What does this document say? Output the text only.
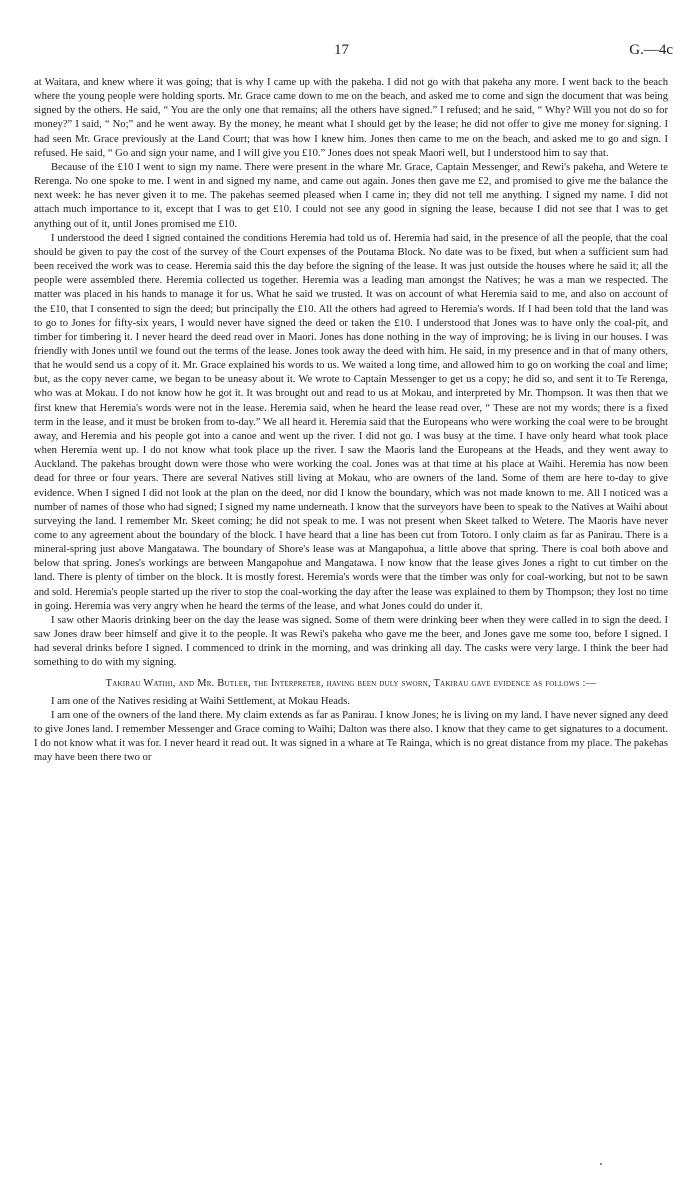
17	G.—4c

at Waitara, and knew where it was going; that is why I came up with the pakeha. I did not go with that pakeha any more. I went back to the beach where the young people were holding sports. Mr. Grace came down to me on the beach, and asked me to come and sign the document that was being signed by the others. He said, “ You are the only one that remains; all the others have signed.” I refused; and he said, “ Why? Will you not do so for money?” I said, “ No;” and he went away. By the money, he meant what I should get by the lease; he did not offer to give me money for signing. I had seen Mr. Grace previously at the Land Court; that was how I knew him. Jones then came to me on the beach, and asked me to go and sign. I refused. He said, “ Go and sign your name, and I will give you £10.” Jones does not speak Maori well, but I understood him to say that.

Because of the £10 I went to sign my name. There were present in the whare Mr. Grace, Captain Messenger, and Rewi's pakeha, and Wetere te Rerenga. No one spoke to me. I went in and signed my name, and came out again. Jones then gave me £2, and promised to give me the balance the next week: he has never given it to me. The pakehas seemed pleased when I came in; they did not tell me anything. I signed my name. I did not attach much importance to it, except that I was to get £10. I could not see any good in signing the lease, because I did not see that I was to get anything out of it, until Jones promised me £10.

I understood the deed I signed contained the conditions Heremia had told us of. Heremia had said, in the presence of all the people, that the coal should be given to pay the cost of the survey of the Court expenses of the Poutama Block. No date was to be fixed, but when a sufficient sum had been received the work was to cease. Heremia said this the day before the signing of the lease. It was just outside the houses where he said it; all the people were assembled there. Heremia collected us together. Heremia was a leading man amongst the Natives; he was a man we respected. The matter was placed in his hands to manage it for us. What he said we trusted. It was on account of what Heremia said to me, and also on account of the £10, that I consented to sign the deed; but principally the £10. All the others had agreed to Heremia's words. If I had been told that the land was to go to Jones for fifty-six years, I would never have signed the deed or taken the £10. I understood that Jones was to have only the coal-pit, and timber for timbering it. I never heard the deed read over in Maori. Jones has done nothing in the way of improving; he is living in our houses. I was friendly with Jones until we found out the terms of the lease. Jones took away the deed with him. He said, in my presence and in that of many others, that he would send us a copy of it. Mr. Grace explained his words to us. We waited a long time, and allowed him to go on working the coal and lime; but, as the copy never came, we began to be uneasy about it. We wrote to Captain Messenger to get us a copy; he did so, and sent it to Te Rerenga, who was at Mokau. I do not know how he got it. It was brought out and read to us at Mokau, and interpreted by Mr. Thompson. It was then that we first knew that Heremia's words were not in the lease. Heremia said, when he heard the lease read over, “ These are not my words; there is a fixed term in the lease, and it must be broken from to-day.” We all heard it. Heremia said that the Europeans who were working the coal were to be brought away, and Heremia and his people got into a canoe and went up the river. I did not go. I was busy at the time. I have only heard what took place when Heremia went up. I do not know what took place up the river. I saw the Maoris land the Europeans at the Heads, and they went away to Auckland. The pakehas brought down were those who were working the coal. Jones was at that time at his place at Waihi. Heremia has now been dead for three or four years. There are several Natives still living at Mokau, who are owners of the land. Some of them are here to-day to give evidence. When I signed I did not look at the plan on the deed, nor did I know the boundary, which was not made known to me. All I noticed was a number of names of those who had signed; I signed my name underneath. I know that the surveyors have been to speak to the Natives at Waihi about surveying the land. I remember Mr. Skeet coming; he did not speak to me. I was not present when Skeet talked to Wetere. The Maoris have never come to any agreement about the boundary of the block. I have heard that a line has been cut from Totoro. I only claim as far as Panirau. There is a mineral-spring just above Mangatawa. The boundary of Shore's lease was at Mangapohua, a little above that spring. There is coal both above and below that spring. Jones's workings are between Mangapohue and Mangatawa. I now know that the lease gives Jones a right to cut timber on the land. There is plenty of timber on the block. It is mostly forest. Heremia's words were that the timber was only for coal-working, but not to be sawn and sold. Heremia's people started up the river to stop the coal-working the day after the lease was explained to them by Thompson; they lost no time in going. Heremia was very angry when he heard the terms of the lease, and what Jones could do under it.

I saw other Maoris drinking beer on the day the lease was signed. Some of them were drinking beer when they were called in to sign the deed. I saw Jones draw beer himself and give it to the people. It was Rewi's pakeha who gave me the beer, and Jones gave me some too, before I signed. I had several drinks before I signed. I commenced to drink in the morning, and was drinking all day. The casks were very large. I think the beer had something to do with my signing.

Takirau Watihi, and Mr. Butler, the Interpreter, having been duly sworn, Takirau gave evidence as follows :—

I am one of the Natives residing at Waihi Settlement, at Mokau Heads.

I am one of the owners of the land there. My claim extends as far as Panirau. I know Jones; he is living on my land. I have never signed any deed to give Jones land. I remember Messenger and Grace coming to Waihi; Dalton was there also. I know that they came to get signatures to a document. I do not know what it was for. I never heard it read out. It was signed in a whare at Te Rainga, which is no great distance from my place. The pakehas may have been there two or
